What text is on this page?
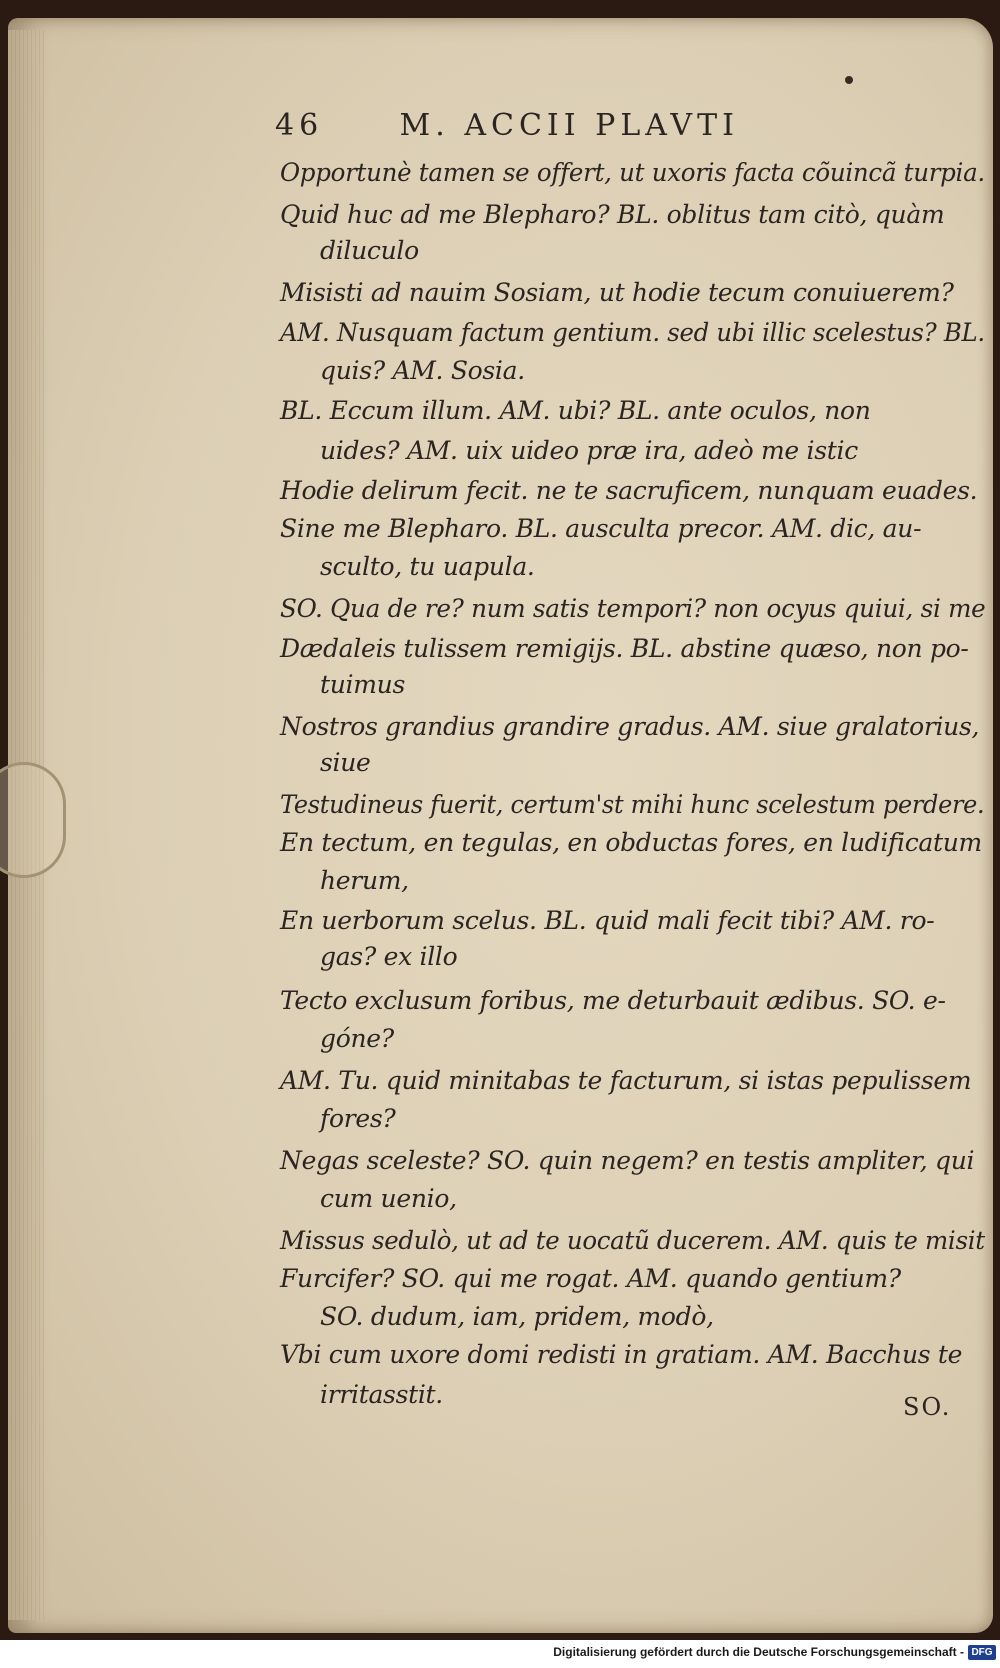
46	M. ACCII PLAVTI
Opportunè tamen se offert, ut uxoris facta cõuincã turpia.
Quid huc ad me Blepharo? BL. oblitus tam citò, quàm
diluculo
Misisti ad nauim Sosiam, ut hodie tecum conuiuerem?
AM. Nusquam factum gentium. sed ubi illic scelestus? BL.
quis? AM. Sosia.
BL. Eccum illum. AM. ubi? BL. ante oculos, non
uides? AM. uix uideo præ ira, adeò me istic
Hodie delirum fecit. ne te sacruficem, nunquam euades.
Sine me Blepharo. BL. ausculta precor. AM. dic, au-
sculto, tu uapula.
SO. Qua de re? num satis tempori? non ocyus quiui, si me
Dædaleis tulissem remigijs. BL. abstine quæso, non po-
tuimus
Nostros grandius grandire gradus. AM. siue gralatorius,
siue
Testudineus fuerit, certum'st mihi hunc scelestum perdere.
En tectum, en tegulas, en obductas fores, en ludificatum
herum,
En uerborum scelus. BL. quid mali fecit tibi? AM. ro-
gas? ex illo
Tecto exclusum foribus, me deturbauit ædibus. SO. e-
góne?
AM. Tu. quid minitabas te facturum, si istas pepulissem
fores?
Negas sceleste? SO. quin negem? en testis ampliter, qui
cum uenio,
Missus sedulò, ut ad te uocatũ ducerem. AM. quis te misit
Furcifer? SO. qui me rogat. AM. quando gentium?
SO. dudum, iam, pridem, modò,
Vbi cum uxore domi redisti in gratiam. AM. Bacchus te
irritasstit.	SO.
Digitalisierung gefördert durch die Deutsche Forschungsgemeinschaft - DFG
